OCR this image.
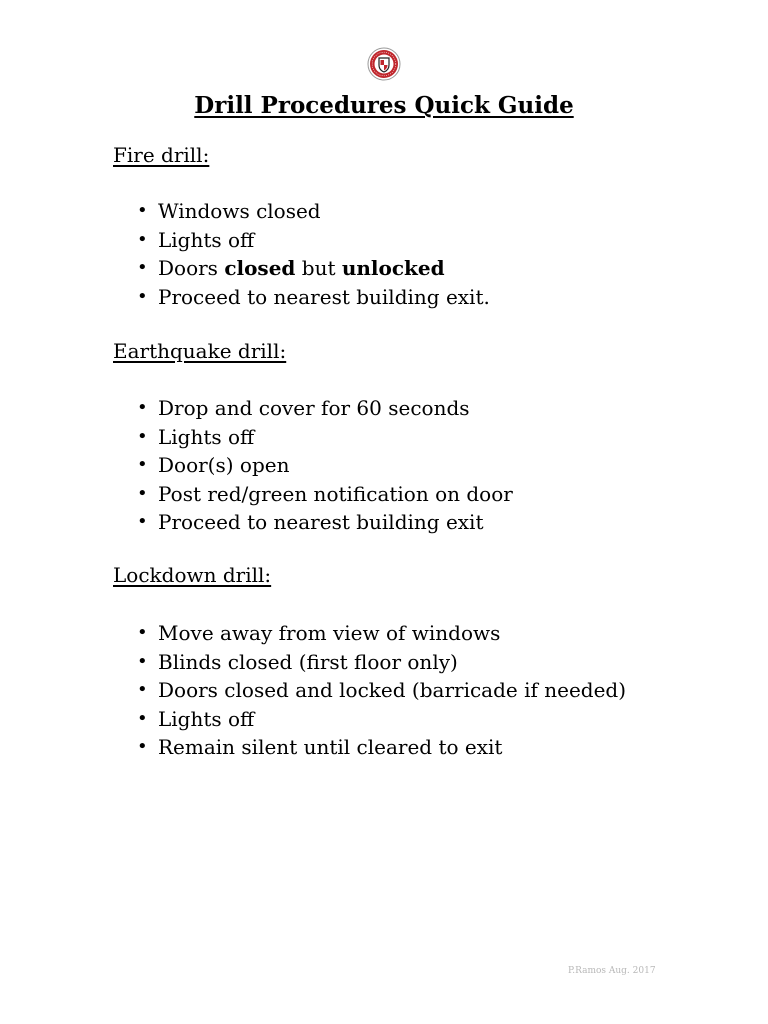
Drill Procedures Quick Guide
Fire drill:
• Windows closed
• Lights off
• Doors closed but unlocked
• Proceed to nearest building exit.
Earthquake drill:
• Drop and cover for 60 seconds
• Lights off
• Door(s) open
• Post red/green notification on door
• Proceed to nearest building exit
Lockdown drill:
• Move away from view of windows
• Blinds closed (first floor only)
• Doors closed and locked (barricade if needed)
• Lights off
• Remain silent until cleared to exit
P.Ramos Aug. 2017
